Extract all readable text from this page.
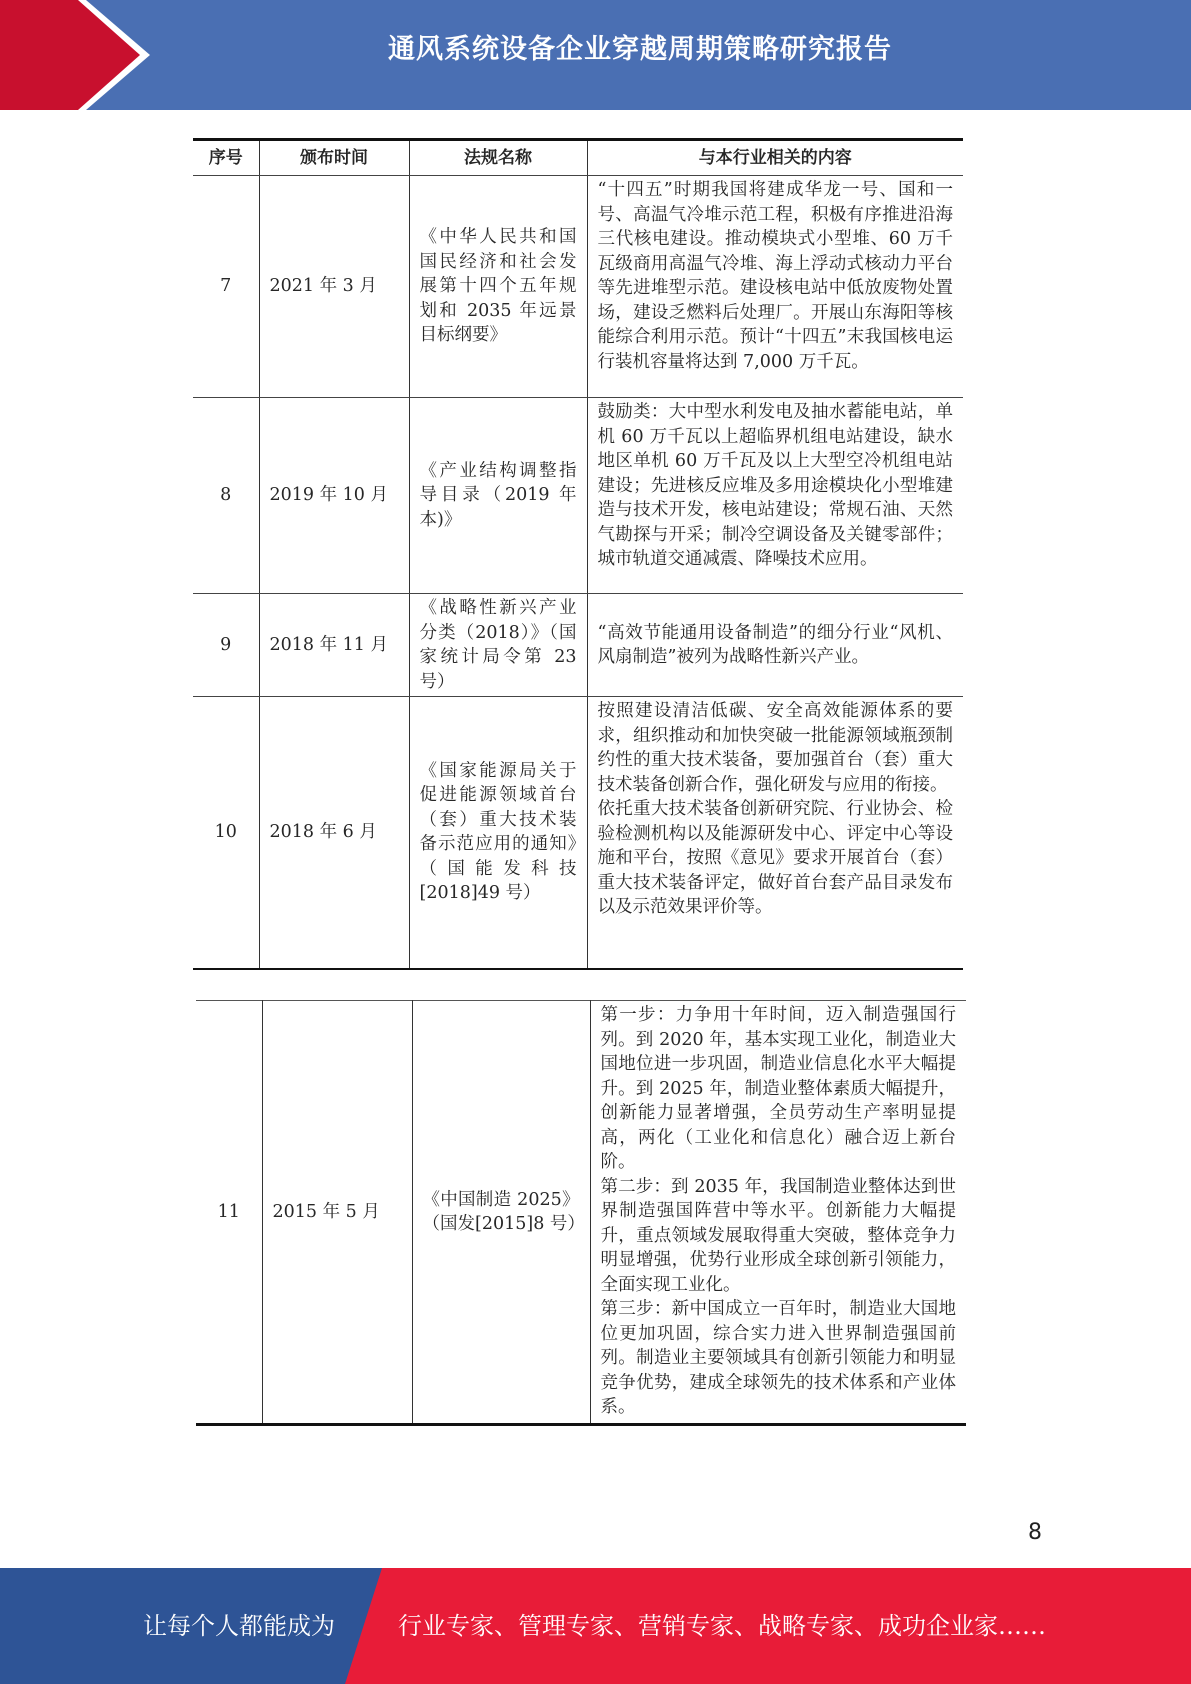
通风系统设备企业穿越周期策略研究报告
序号	颁布时间	法规名称	与本行业相关的内容
7	2021 年 3 月	《中华人民共和国国民经济和社会发展第十四个五年规划和 2035 年远景目标纲要》	“十四五”时期我国将建成华龙一号、国和一号、高温气冷堆示范工程，积极有序推进沿海三代核电建设。推动模块式小型堆、60 万千瓦级商用高温气冷堆、海上浮动式核动力平台等先进堆型示范。建设核电站中低放废物处置场，建设乏燃料后处理厂。开展山东海阳等核能综合利用示范。预计“十四五”末我国核电运行装机容量将达到 7,000 万千瓦。

8	2019 年 10 月	《产业结构调整指导目录（2019 年本)》	鼓励类：大中型水利发电及抽水蓄能电站，单机 60 万千瓦以上超临界机组电站建设，缺水地区单机 60 万千瓦及以上大型空冷机组电站建设；先进核反应堆及多用途模块化小型堆建造与技术开发，核电站建设；常规石油、天然气勘探与开采；制冷空调设备及关键零部件；城市轨道交通减震、降噪技术应用。

9	2018 年 11 月	《战略性新兴产业分类（2018）》（国家统计局令第 23 号）	“高效节能通用设备制造”的细分行业“风机、风扇制造”被列为战略性新兴产业。

10	2018 年 6 月	《国家能源局关于促进能源领域首台（套）重大技术装备示范应用的通知》（国能发科技[2018]49 号）	按照建设清洁低碳、安全高效能源体系的要求，组织推动和加快突破一批能源领域瓶颈制约性的重大技术装备，要加强首台（套）重大技术装备创新合作，强化研发与应用的衔接。
依托重大技术装备创新研究院、行业协会、检验检测机构以及能源研发中心、评定中心等设施和平台，按照《意见》要求开展首台（套）重大技术装备评定，做好首台套产品目录发布以及示范效果评价等。
11	2015 年 5 月	《中国制造 2025》（国发[2015]8 号）	
第一步：力争用十年时间，迈入制造强国行列。到 2020 年，基本实现工业化，制造业大国地位进一步巩固，制造业信息化水平大幅提升。到 2025 年，制造业整体素质大幅提升，创新能力显著增强，全员劳动生产率明显提高，两化（工业化和信息化）融合迈上新台阶。
第二步：到 2035 年，我国制造业整体达到世界制造强国阵营中等水平。创新能力大幅提升，重点领域发展取得重大突破，整体竞争力明显增强，优势行业形成全球创新引领能力，全面实现工业化。
第三步：新中国成立一百年时，制造业大国地位更加巩固，综合实力进入世界制造强国前列。制造业主要领域具有创新引领能力和明显竞争优势，建成全球领先的技术体系和产业体系。
8
让每个人都能成为	行业专家、管理专家、营销专家、战略专家、成功企业家……
